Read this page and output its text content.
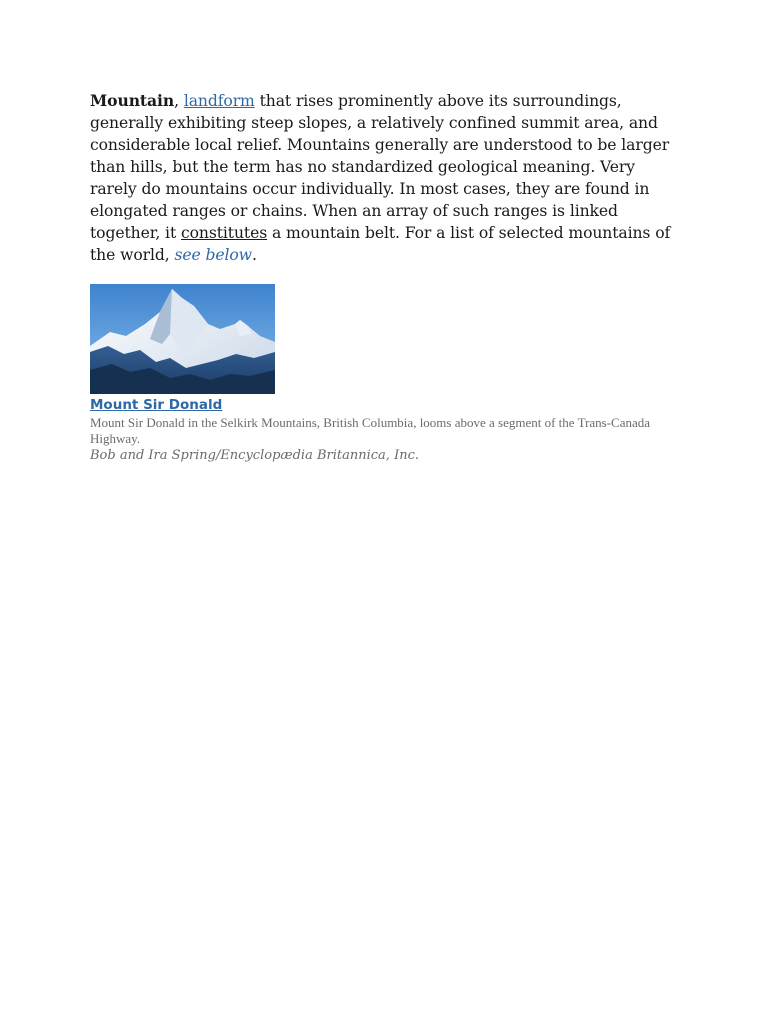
Mountain, landform that rises prominently above its surroundings, generally exhibiting steep slopes, a relatively confined summit area, and considerable local relief. Mountains generally are understood to be larger than hills, but the term has no standardized geological meaning. Very rarely do mountains occur individually. In most cases, they are found in elongated ranges or chains. When an array of such ranges is linked together, it constitutes a mountain belt. For a list of selected mountains of the world, see below.

Mount Sir Donald

Mount Sir Donald in the Selkirk Mountains, British Columbia, looms above a segment of the Trans-Canada Highway.

Bob and Ira Spring/Encyclopædia Britannica, Inc.
